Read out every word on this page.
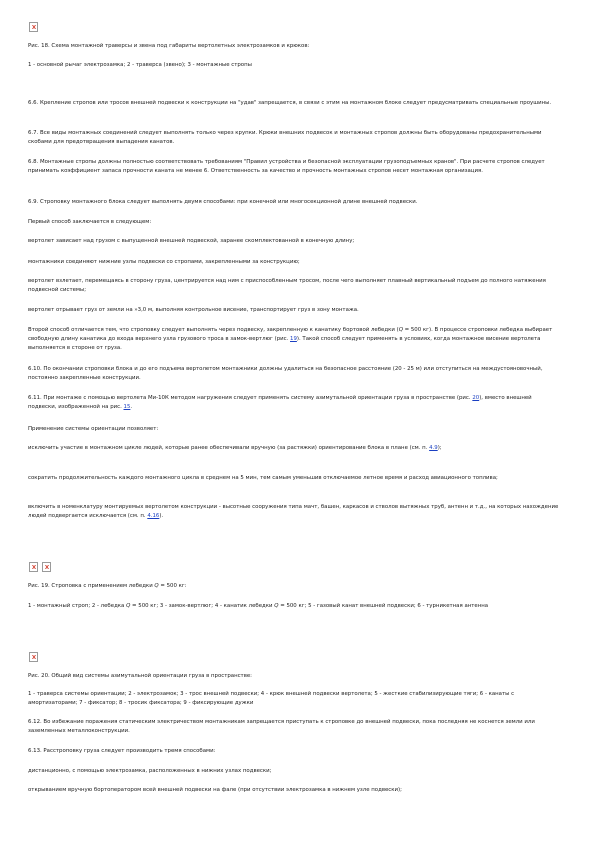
Рис. 18. Схема монтажной траверсы и звена под габариты вертолетных электрозамков и крюков:

1 - основной рычаг электрозамка; 2 - траверса (звено); 3 - монтажные стропы

6.6. Крепление стропов или тросов внешней подвески к конструкции на "удав" запрещается, в связи с этим на монтажном блоке следует предусматривать специальные проушины.

6.7. Все виды монтажных соединений следует выполнять только через крупки. Крюки внешних подвесок и монтажных стропов должны быть оборудованы предохранительными скобами для предотвращения выпадения канатов.

6.8. Монтажные стропы должны полностью соответствовать требованиям "Правил устройства и безопасной эксплуатации грузоподъемных кранов". При расчете стропов следует принимать коэффициент запаса прочности каната не менее 6. Ответственность за качество и прочность монтажных стропов несет монтажная организация.

6.9. Строповку монтажного блока следует выполнять двумя способами: при конечной или многосекционной длине внешней подвески.

Первый способ заключается в следующем:

вертолет зависает над грузом с выпущенной внешней подвеской, заранее скомплектованной в конечную длину;

монтажники соединяют нижние узлы подвески со стропами, закрепленными за конструкцию;

вертолет взлетает, перемещаясь в сторону груза, центрируется над ним с приспособленным тросом, после чего выполняет плавный вертикальный подъем до полного натяжения подвесной системы;

вертолет отрывает груз от земли на »3,0 м, выполняя контрольное висение, транспортирует груз в зону монтажа.

Второй способ отличается тем, что строповку следует выполнять через подвеску, закрепленную к канатику бортовой лебедки (Q = 500 кг). В процессе строповки лебедка выбирает свободную длину канатика до входа верхнего узла грузового троса в замок-вертлюг (рис. 19). Такой способ следует применять в условиях, когда монтажное висение вертолета выполняется в стороне от груза.

6.10. По окончании строповки блока и до его подъема вертолетом монтажники должны удалиться на безопасное расстояние (20 - 25 м) или отступиться на междустояновочный, постоянно закрепленные конструкции.

6.11. При монтаже с помощью вертолета Ми-10К методом нагружения следует применять систему азимутальной ориентации груза в пространстве (рис. 20), вместо внешней подвески, изображенной на рис. 15.

Применение системы ориентации позволяет:

исключить участие в монтажном цикле людей, которые ранее обеспечивали вручную (за растяжки) ориентирование блока в плане (см. п. 4.9);

сократить продолжительность каждого монтажного цикла в среднем на 5 мин, тем самым уменьшив отключаемое летное время и расход авиационного топлива;

включить в номенклатуру монтируемых вертолетом конструкции - высотные сооружения типа мачт, башен, каркасов и стволов вытяжных труб, антенн и т.д., на которых нахождение людей подвергается исключается (см. п. 4.16).

Рис. 19. Строповка с применением лебедки Q = 500 кг:

1 - монтажный строп; 2 - лебедка Q = 500 кг; 3 - замок-вертлюг; 4 - канатик лебедки Q = 500 кг; 5 - газовый канат внешней подвески; 6 - турникетная антенна

Рис. 20. Общий вид системы азимутальной ориентации груза в пространстве:

1 - траверса системы ориентации; 2 - электрозамок; 3 - трос внешней подвески; 4 - крюк внешней подвески вертолета; 5 - жесткие стабилизирующие тяги; 6 - канаты с амортизаторами; 7 - фиксатор; 8 - тросик фиксатора; 9 - фиксирующие дужки

6.12. Во избежание поражения статическим электричеством монтажникам запрещается приступать к строповке до внешней подвески, пока последняя не коснется земли или заземленных металлоконструкции.

6.13. Расстроповку груза следует производить тремя способами:

дистанционно, с помощью электрозамка, расположенных в нижних узлах подвески;

открыванием вручную бортоператором всей внешней подвески на фале (при отсутствии электрозамка в нижнем узле подвески);
